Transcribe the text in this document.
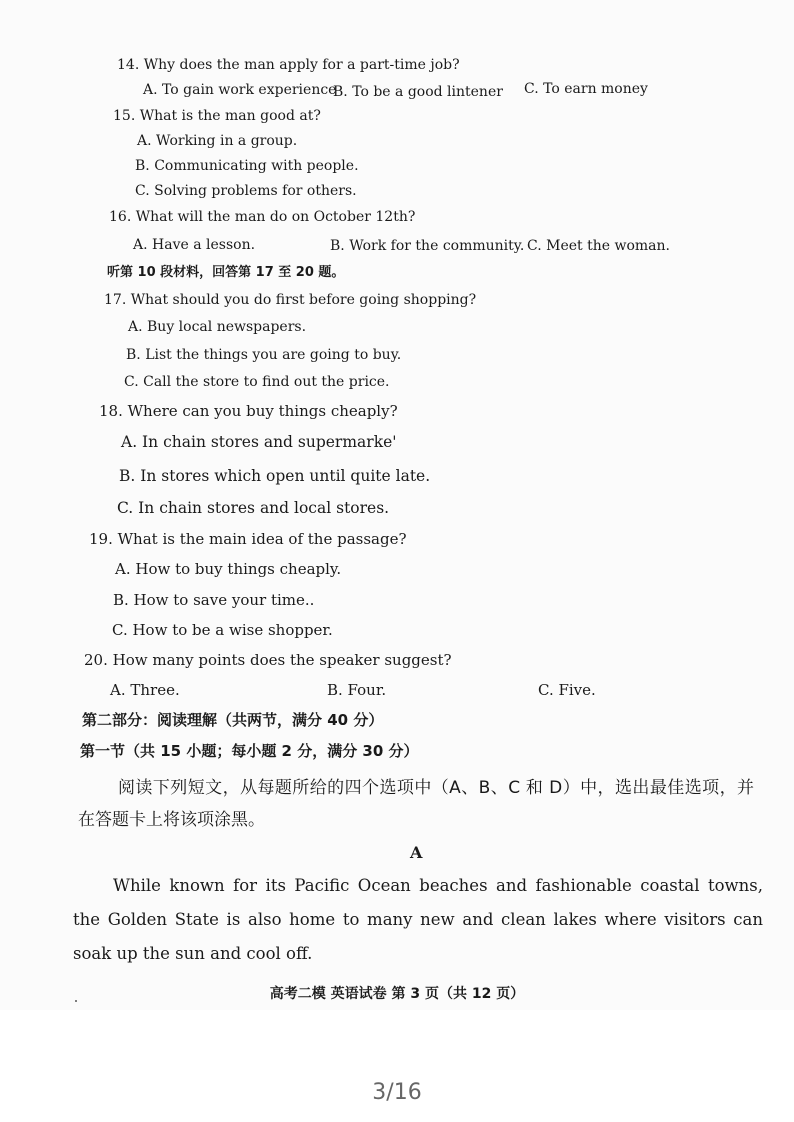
14. Why does the man apply for a part-time job?
A. To gain work experience
B. To be a good lintener C. To earn money
15. What is the man good at?
A. Working in a group.
B. Communicating with people.
C. Solving problems for others.
16. What will the man do on October 12th?
A. Have a lesson.	B. Work for the community. C. Meet the woman.
听第 10 段材料，回答第 17 至 20 题。
17. What should you do first before going shopping?
A. Buy local newspapers.
B. List the things you are going to buy.
C. Call the store to find out the price.
18. Where can you buy things cheaply?
A. In chain stores and supermarke'
B. In stores which open until quite late.
C. In chain stores and local stores.
19. What is the main idea of the passage?
A. How to buy things cheaply.
B. How to save your time..
C. How to be a wise shopper.
20. How many points does the speaker suggest?
A. Three.	B. Four.	C. Five.
第二部分：阅读理解（共两节，满分 40 分）
第一节（共 15 小题；每小题 2 分，满分 30 分）
阅读下列短文，从每题所给的四个选项中（A、B、C 和 D）中，选出最佳选项，并在答题卡上将该项涂黑。
A
While known for its Pacific Ocean beaches and fashionable coastal towns, the Golden State is also home to many new and clean lakes where visitors can soak up the sun and cool off.
高考二模 英语试卷 第 3 页（共 12 页）
3/16
